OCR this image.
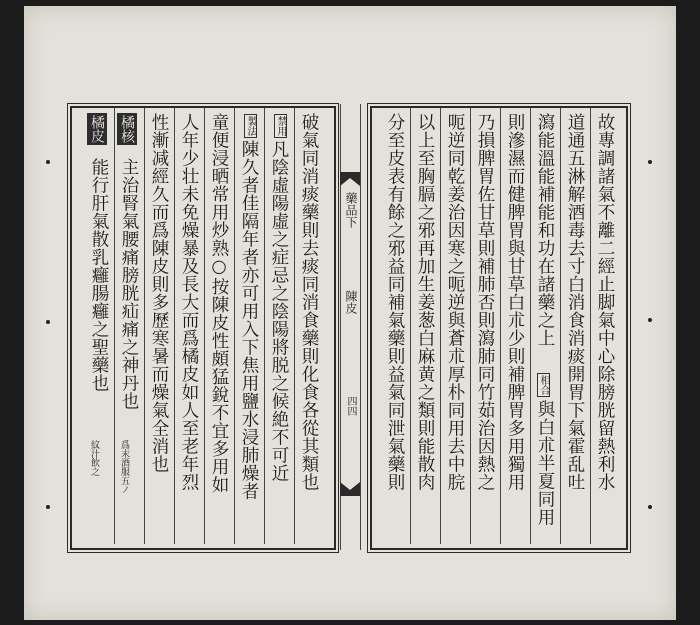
藥品下
陳皮
四四	故專調諸氣不離二經止脚氣中心除膀胱留熱利水
道通五淋解酒毒去寸白消食消痰開胃下氣霍乱吐
瀉能溫能補能和功在諸藥之上
相合
與白朮半夏同用
則滲濕而健脾胃與甘草白朮少則補脾胃多用獨用
乃損脾胃佐甘草則補肺否則瀉肺同竹茹治因熱之
呃逆同乾姜治因寒之呃逆與蒼朮厚朴同用去中脘
以上至胸膈之邪再加生姜葱白麻黄之類則能散肉
分至皮表有餘之邪益同補氣藥則益氣同泄氣藥則
破氣同消痰藥則去痰同消食藥則化食各從其類也
禁用
凡陰虛陽虛之症忌之陰陽將脱之候絶不可近
製法
陳久者佳隔年者亦可用入下焦用鹽水浸肺燥者
童便浸晒常用炒熟○按陳皮性頗猛銳不宜多用如
人年少壮未免燥暴及長大而爲橘皮如人至老年烈
性漸减經久而爲陳皮則多歷寒暑而燥氣全消也
橘核
主治腎氣腰痛膀胱疝痛之神丹也
爲末酒服五ノ
橘皮
能行肝氣散乳癰腸癰之聖藥也
紋汁飲之
